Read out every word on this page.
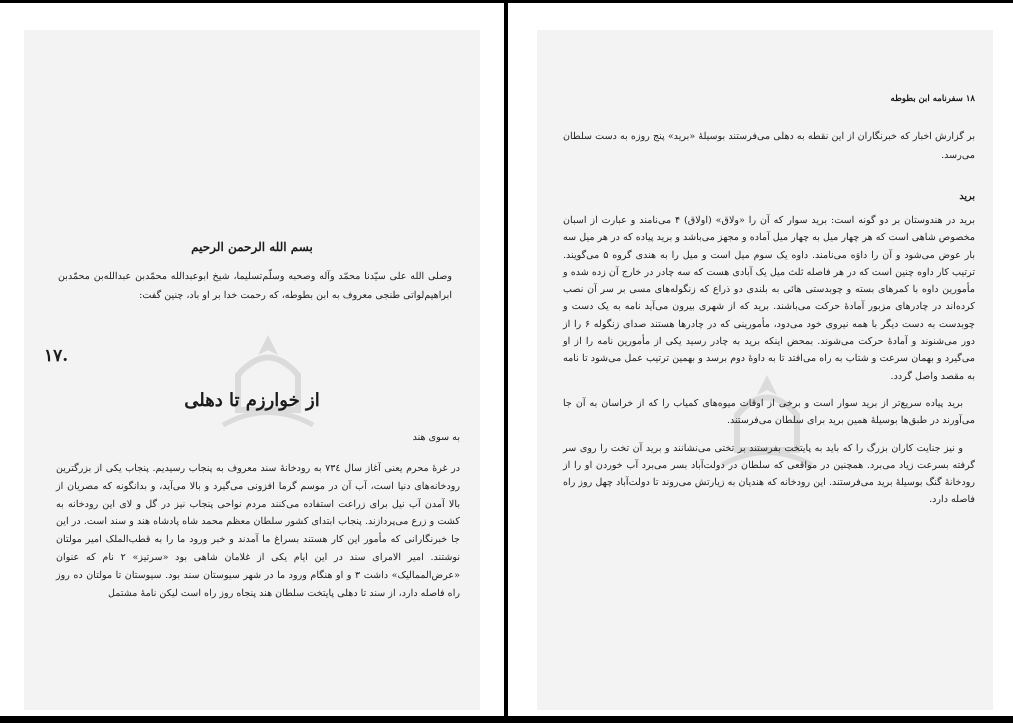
بسم الله الرحمن الرحیم
وصلی الله علی سیّدنا محمّد وآله وصحبه وسلّم‌تسلیما، شیخ ابوعبدالله محمّدبن عبدالله‌بن محمّدبن ابراهیم‌لواتی طنجی معروف به ابن بطوطه، که رحمت خدا بر او باد، چنین گفت:
۱۷.
از خوارزم تا دهلی
به سوی هند

در غرهٔ محرم یعنی آغاز سال ۷۳٤ به رودخانهٔ سند معروف به پنجاب رسیدیم. پنجاب یکی از بزرگترین رودخانه‌های دنیا است، آب آن در موسم گرما افزونی می‌گیرد و بالا می‌آید، و بدانگونه که مصریان از بالا آمدن آب نیل برای زراعت استفاده می‌کنند مردم نواحی پنجاب نیز در گل و لای این رودخانه به کشت و زرع می‌پردازند. پنجاب ابتدای کشور سلطان معظم محمد شاه پادشاه هند و سند است. در این جا خبرنگارانی که مأمور این کار هستند بسراغ ما آمدند و خبر ورود ما را به قطب‌الملک امیر مولتان نوشتند. امیر الامرای سند در این ایام یکی از غلامان شاهی بود «سرتیز» ۲ نام که عنوان «عرض‌الممالیک» داشت ۳ و او هنگام ورود ما در شهر سیوستان سند بود. سیوستان تا مولتان ده روز راه فاصله دارد، از سند تا دهلی پایتخت سلطان هند پنجاه روز راه است لیکن نامهٔ مشتمل

۱۸ سفرنامه ابن بطوطه
بر گزارش اخبار که خبرنگاران از این نقطه به دهلی می‌فرستند بوسیلهٔ «برید» پنج روزه به دست سلطان می‌رسد.
برید

برید در هندوستان بر دو گونه است: برید سوار که آن را «ولاق» (اولاق) ۴ می‌نامند و عبارت از اسبان مخصوص شاهی است که هر چهار میل به چهار میل آماده و مجهز می‌باشد و برید پیاده که در هر میل سه بار عوض می‌شود و آن را داوَه می‌نامند. داوه یک سوم میل است و میل را به هندی گروه ۵ می‌گویند. ترتیب کار داوه چنین است که در هر فاصله ثلث میل یک آبادی هست که سه چادر در خارج آن زده شده و مأمورین داوه با کمرهای بسته و چوبدستی هائی به بلندی دو ذراع که زنگوله‌های مسی بر سر آن نصب کرده‌اند در چادرهای مزبور آمادهٔ حرکت می‌باشند. برید که از شهری بیرون می‌آید نامه به یک دست و چوبدست به دست دیگر با همه نیروی خود می‌دود، مأمورینی که در چادرها هستند صدای زنگوله ۶ را از دور می‌شنوند و آمادهٔ حرکت می‌شوند. بمحض اینکه برید به چادر رسید یکی از مأمورین نامه را از او می‌گیرد و بهمان سرعت و شتاب به راه می‌افتد تا به داوهٔ دوم برسد و بهمین ترتیب عمل می‌شود تا نامه به مقصد واصل گردد.

برید پیاده سریع‌تر از برید سوار است و برخی از اوقات میوه‌های کمیاب را که از خراسان به آن جا می‌آورند در طبق‌ها بوسیلهٔ همین برید برای سلطان می‌فرستند.

و نیز جنایت کاران بزرگ را که باید به پایتخت بفرستند بر تختی می‌نشانند و برید آن تخت را روی سر گرفته بسرعت زیاد می‌برد. همچنین در مواقعی که سلطان در دولت‌آباد بسر می‌برد آب خوردن او را از رودخانهٔ گنگ بوسیلهٔ برید می‌فرستند. این رودخانه که هندیان به زیارتش می‌روند تا دولت‌آباد چهل روز راه فاصله دارد.
